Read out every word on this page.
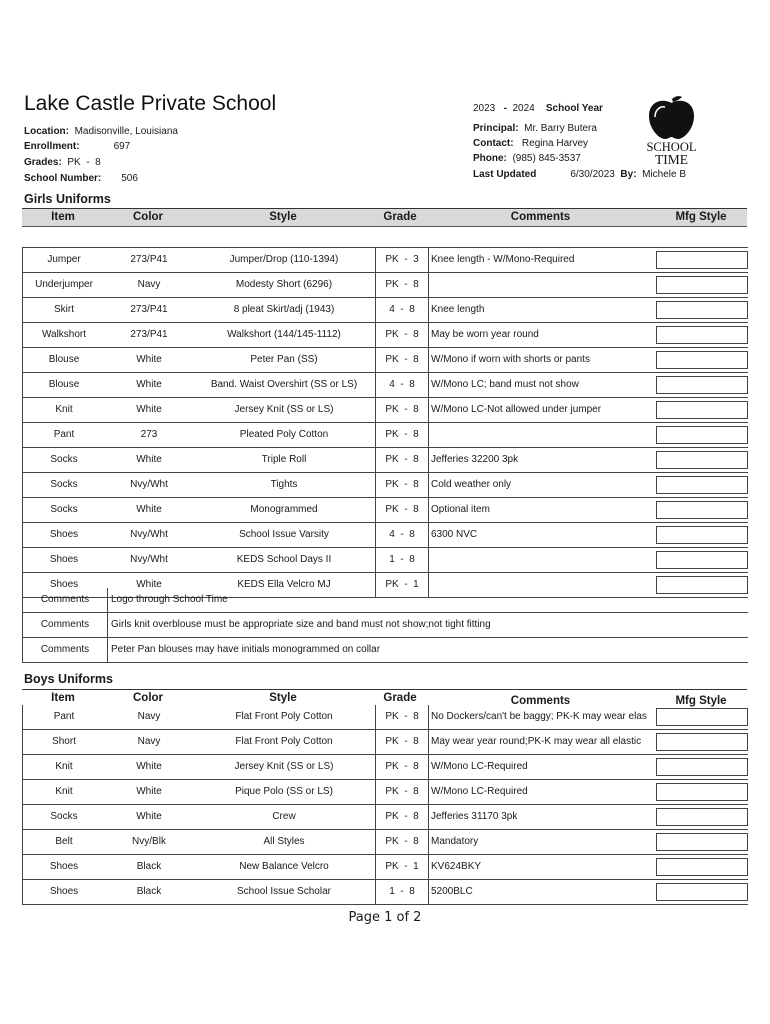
Lake Castle Private School
Location: Madisonville, Louisiana
Enrollment:	697
Grades: PK  -  8
School Number: 506
2023 - 2024 School Year
Principal: Mr. Barry Butera
Contact: Regina Harvey
Phone: (985) 845-3537
Last Updated	6/30/2023 By: Michele B
SCHOOL
TIME
Girls Uniforms
Item	Color	Style	Grade	Comments	Mfg Style
Jumper	273/P41	Jumper/Drop (110-1394)	PK  -  3	Knee length - W/Mono-Required
Underjumper	Navy	Modesty Short (6296)	PK  -  8
Skirt	273/P41	8 pleat Skirt/adj (1943)	4  -  8	Knee length
Walkshort	273/P41	Walkshort (144/145-1112)	PK  -  8	May be worn year round
Blouse	White	Peter Pan (SS)	PK  -  8	W/Mono if worn with shorts or pants
Blouse	White	Band. Waist Overshirt (SS or LS)	4  -  8	W/Mono LC; band must not show
Knit	White	Jersey Knit (SS or LS)	PK  -  8	W/Mono LC-Not allowed under jumper
Pant	273	Pleated Poly Cotton	PK  -  8
Socks	White	Triple Roll	PK  -  8	Jefferies 32200 3pk
Socks	Nvy/Wht	Tights	PK  -  8	Cold weather only
Socks	White	Monogrammed	PK  -  8	Optional item
Shoes	Nvy/Wht	School Issue Varsity	4  -  8	6300 NVC
Shoes	Nvy/Wht	KEDS School Days II	1  -  8
Shoes	White	KEDS Ella Velcro MJ	PK  -  1
Comments	Logo through School Time
Comments	Girls knit overblouse must be appropriate size and band must not show;not tight fitting
Comments	Peter Pan blouses may have initials monogrammed on collar
Boys Uniforms
Item	Color	Style	Grade	Comments	Mfg Style
Pant	Navy	Flat Front Poly Cotton	PK  -  8	No Dockers/can't be baggy; PK-K may wear elas
Short	Navy	Flat Front Poly Cotton	PK  -  8	May wear year round;PK-K may wear all elastic
Knit	White	Jersey Knit (SS or LS)	PK  -  8	W/Mono LC-Required
Knit	White	Pique Polo (SS or LS)	PK  -  8	W/Mono LC-Required
Socks	White	Crew	PK  -  8	Jefferies 31170 3pk
Belt	Nvy/Blk	All Styles	PK  -  8	Mandatory
Shoes	Black	New Balance Velcro	PK  -  1	KV624BKY
Shoes	Black	School Issue Scholar	1  -  8	5200BLC
Page 1 of 2
